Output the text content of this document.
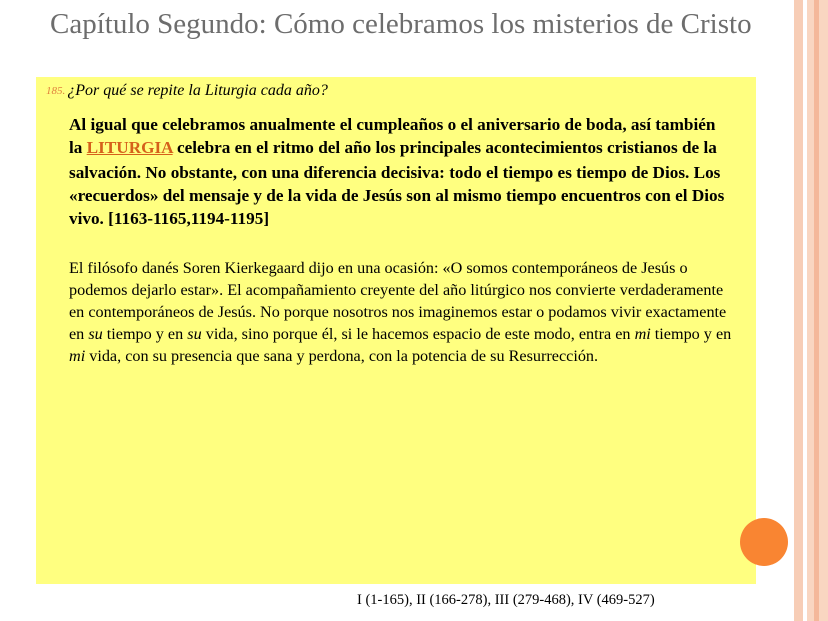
Capítulo Segundo: Cómo celebramos los misterios de Cristo
185. ¿Por qué se repite la Liturgia cada año?
Al igual que celebramos anualmente el cumpleaños o el aniversario de boda, así también la LITURGIA celebra en el ritmo del año los principales acontecimientos cristianos de la salvación. No obstante, con una diferencia decisiva: todo el tiempo es tiempo de Dios. Los «recuerdos» del mensaje y de la vida de Jesús son al mismo tiempo encuentros con el Dios vivo. [1163-1165,1194-1195]
El filósofo danés Soren Kierkegaard dijo en una ocasión: «O somos contemporáneos de Jesús o podemos dejarlo estar». El acompañamiento creyente del año litúrgico nos convierte verdaderamente en contemporáneos de Jesús. No porque nosotros nos imaginemos estar o podamos vivir exactamente en su tiempo y en su vida, sino porque él, si le hacemos espacio de este modo, entra en mi tiempo y en mi vida, con su presencia que sana y perdona, con la potencia de su Resurrección.
I (1-165), II (166-278), III (279-468), IV (469-527)
